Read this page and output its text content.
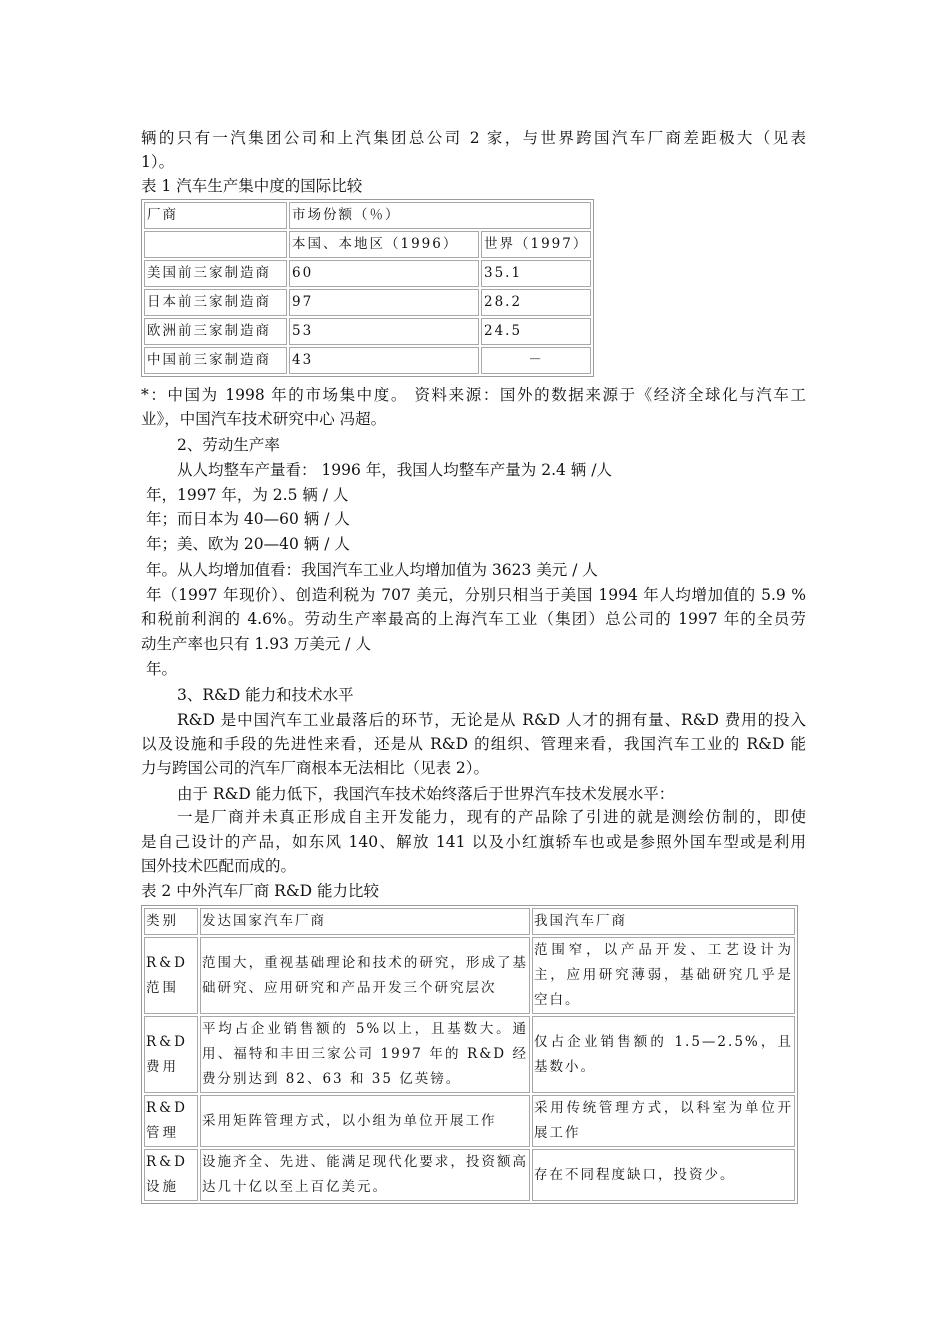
辆的只有一汽集团公司和上汽集团总公司 2 家，与世界跨国汽车厂商差距极大（见表
1）。
表 1 汽车生产集中度的国际比较
厂商	市场份额（％）	
	本国、本地区（1996）	世界（1997）
美国前三家制造商	60	35.1
日本前三家制造商	97	28.2
欧洲前三家制造商	53	24.5
中国前三家制造商	43	－
*：中国为 1998 年的市场集中度。 资料来源：国外的数据来源于《经济全球化与汽车工
业》，中国汽车技术研究中心 冯超。
2、劳动生产率
从人均整车产量看： 1996 年，我国人均整车产量为 2.4 辆 /人
年，1997 年，为 2.5 辆 / 人
年；而日本为 40—60 辆 / 人
年；美、欧为 20—40 辆 / 人
年。从人均增加值看：我国汽车工业人均增加值为 3623 美元 / 人
年（1997 年现价）、创造利税为 707 美元，分别只相当于美国 1994 年人均增加值的 5.9 %
和税前利润的 4.6%。劳动生产率最高的上海汽车工业（集团）总公司的 1997 年的全员劳
动生产率也只有 1.93 万美元 / 人
年。
3、R&D 能力和技术水平
R&D 是中国汽车工业最落后的环节，无论是从 R&D 人才的拥有量、R&D 费用的投入
以及设施和手段的先进性来看，还是从 R&D 的组织、管理来看，我国汽车工业的 R&D 能
力与跨国公司的汽车厂商根本无法相比（见表 2）。
由于 R&D 能力低下，我国汽车技术始终落后于世界汽车技术发展水平：
一是厂商并未真正形成自主开发能力，现有的产品除了引进的就是测绘仿制的，即使
是自己设计的产品，如东风 140、解放 141 以及小红旗轿车也或是参照外国车型或是利用
国外技术匹配而成的。
表 2 中外汽车厂商 R&D 能力比较
类别	发达国家汽车厂商	我国汽车厂商
R&D
范围	范围大，重视基础理论和技术的研究，形成了基础研究、应用研究和产品开发三个研究层次	范围窄，以产品开发、工艺设计为主，应用研究薄弱，基础研究几乎是空白。
R&D
费用	平均占企业销售额的 5%以上，且基数大。通用、福特和丰田三家公司 1997 年的 R&D 经费分别达到 82、63 和 35 亿英镑。	仅占企业销售额的 1.5—2.5%，且基数小。
R&D
管理	采用矩阵管理方式，以小组为单位开展工作	采用传统管理方式，以科室为单位开展工作
R&D
设施	设施齐全、先进、能满足现代化要求，投资额高达几十亿以至上百亿美元。	存在不同程度缺口，投资少。
